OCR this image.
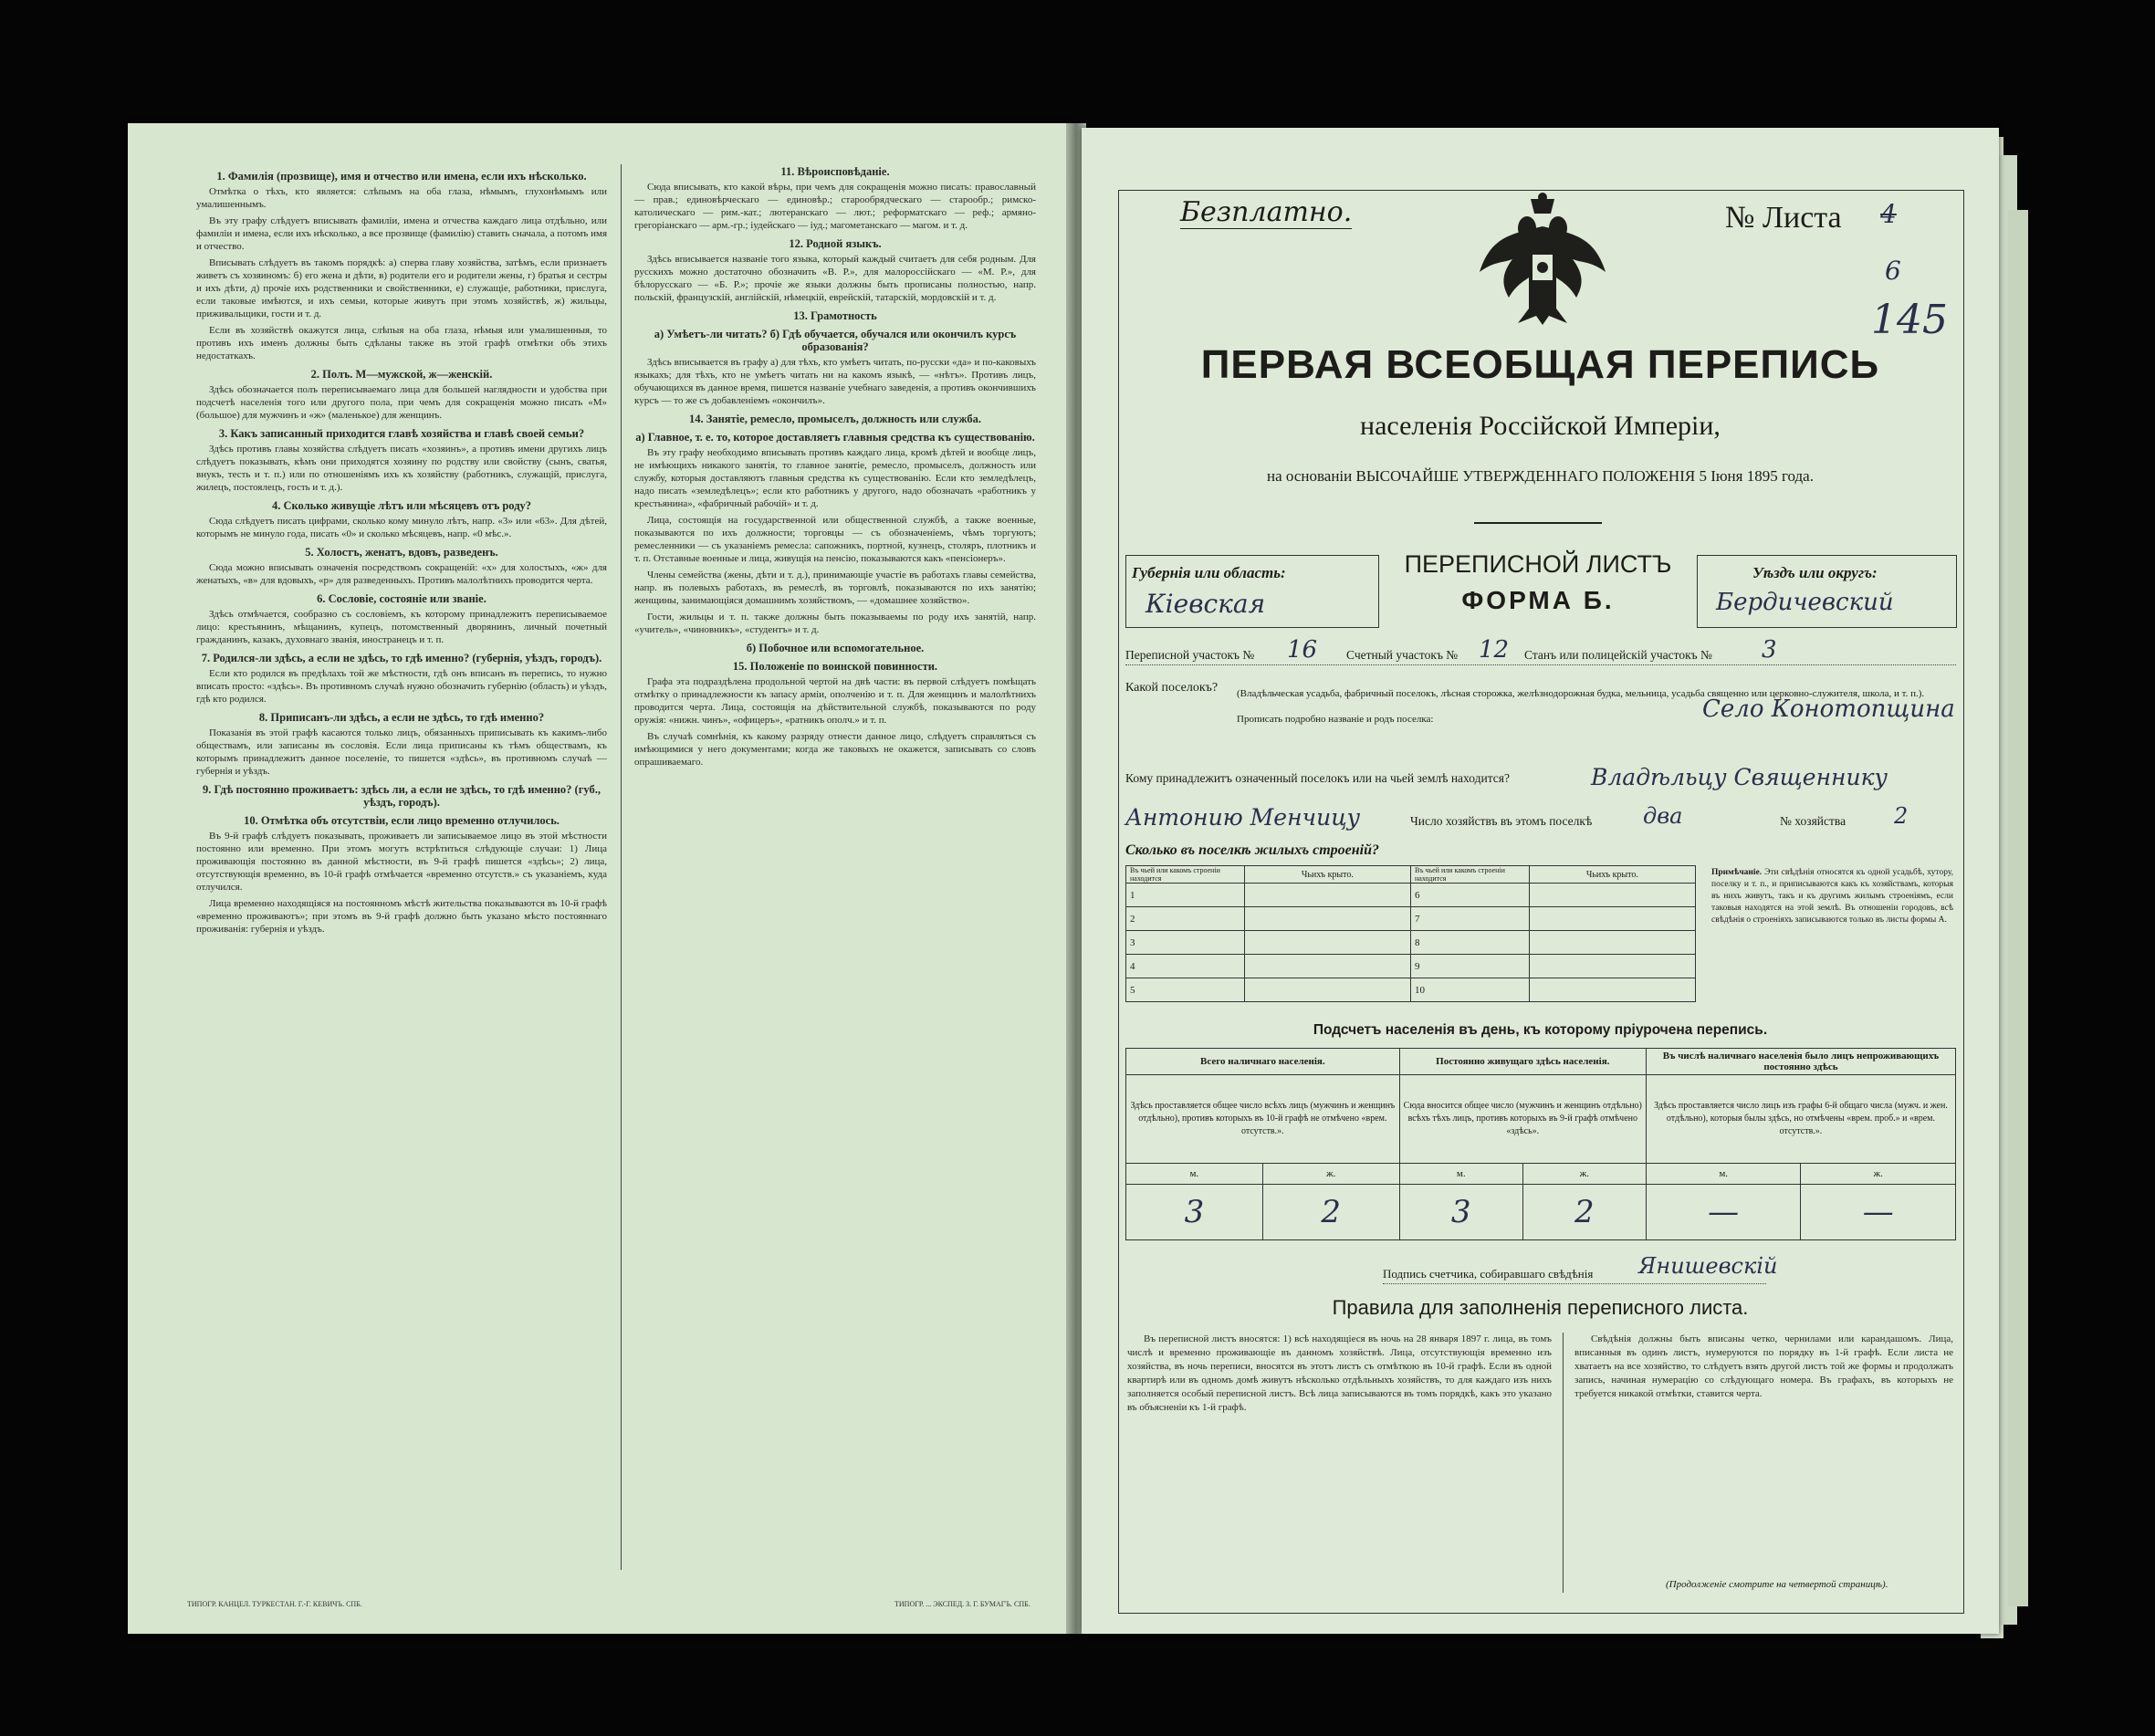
1. Фамилія (прозвище), имя и отчество или имена, если ихъ нѣсколько.

Отмѣтка о тѣхъ, кто является: слѣпымъ на оба глаза, нѣмымъ, глухонѣмымъ или умалишеннымъ.

Въ эту графу слѣдуетъ вписывать фамиліи, имена и отчества каждаго лица отдѣльно, или фамиліи и имена, если ихъ нѣсколько, а все прозвище (фамилію) ставить сначала, а потомъ имя и отчество.

Вписывать слѣдуетъ въ такомъ порядкѣ: а) сперва главу хозяйства, затѣмъ, если признаетъ живетъ съ хозяиномъ: б) его жена и дѣти, в) родители его и родители жены, г) братья и сестры и ихъ дѣти, д) прочіе ихъ родственники и свойственники, е) служащіе, работники, прислуга, если таковые имѣются, и ихъ семьи, которые живутъ при этомъ хозяйствѣ, ж) жильцы, приживальщики, гости и т. д.

Если въ хозяйствѣ окажутся лица, слѣпыя на оба глаза, нѣмыя или умалишенныя, то противъ ихъ именъ должны быть сдѣланы также въ этой графѣ отмѣтки объ этихъ недостаткахъ.

2. Полъ. М—мужской, ж—женскій.

Здѣсь обозначается полъ переписываемаго лица для большей наглядности и удобства при подсчетѣ населенія того или другого пола, при чемъ для сокращенія можно писать «М» (большое) для мужчинъ и «ж» (маленькое) для женщинъ.

3. Какъ записанный приходится главѣ хозяйства и главѣ своей семьи?

Здѣсь противъ главы хозяйства слѣдуетъ писать «хозяинъ», а противъ имени другихъ лицъ слѣдуетъ показывать, кѣмъ они приходятся хозяину по родству или свойству (сынъ, сватья, внукъ, тесть и т. п.) или по отношеніямъ ихъ къ хозяйству (работникъ, служащій, прислуга, жилецъ, постоялецъ, гость и т. д.).

4. Сколько живущіе лѣтъ или мѣсяцевъ отъ роду?

Сюда слѣдуетъ писать цифрами, сколько кому минуло лѣтъ, напр. «3» или «63». Для дѣтей, которымъ не минуло года, писать «0» и сколько мѣсяцевъ, напр. «0 мѣс.».

5. Холостъ, женатъ, вдовъ, разведенъ.

Сюда можно вписывать означенія посредствомъ сокращеній: «х» для холостыхъ, «ж» для женатыхъ, «в» для вдовыхъ, «р» для разведенныхъ. Противъ малолѣтнихъ проводится черта.

6. Сословіе, состояніе или званіе.

Здѣсь отмѣчается, сообразно съ сословіемъ, къ которому принадлежитъ переписываемое лицо: крестьянинъ, мѣщанинъ, купецъ, потомственный дворянинъ, личный почетный гражданинъ, казакъ, духовнаго званія, иностранецъ и т. п.

7. Родился-ли здѣсь, а если не здѣсь, то гдѣ именно? (губернія, уѣздъ, городъ).

Если кто родился въ предѣлахъ той же мѣстности, гдѣ онъ вписанъ въ перепись, то нужно вписать просто: «здѣсь». Въ противномъ случаѣ нужно обозначить губернію (область) и уѣздъ, гдѣ кто родился.

8. Приписанъ-ли здѣсь, а если не здѣсь, то гдѣ именно?

Показанія въ этой графѣ касаются только лицъ, обязанныхъ приписывать къ какимъ-либо обществамъ, или записаны въ сословія. Если лица приписаны къ тѣмъ обществамъ, къ которымъ принадлежитъ данное поселеніе, то пишется «здѣсь», въ противномъ случаѣ — губернія и уѣздъ.

9. Гдѣ постоянно проживаетъ: здѣсь ли, а если не здѣсь, то гдѣ именно? (губ., уѣздъ, городъ).
10. Отмѣтка объ отсутствіи, если лицо временно отлучилось.

Въ 9-й графѣ слѣдуетъ показывать, проживаетъ ли записываемое лицо въ этой мѣстности постоянно или временно. При этомъ могутъ встрѣтиться слѣдующіе случаи: 1) Лица проживающія постоянно въ данной мѣстности, въ 9-й графѣ пишется «здѣсь»; 2) лица, отсутствующія временно, въ 10-й графѣ отмѣчается «временно отсутств.» съ указаніемъ, куда отлучился.

Лица временно находящіяся на постоянномъ мѣстѣ жительства показываются въ 10-й графѣ «временно проживаютъ»; при этомъ въ 9-й графѣ должно быть указано мѣсто постояннаго проживанія: губернія и уѣздъ.

11. Вѣроисповѣданіе.

Сюда вписывать, кто какой вѣры, при чемъ для сокращенія можно писать: православный — прав.; единовѣрческаго — единовѣр.; старообрядческаго — старообр.; римско-католическаго — рим.-кат.; лютеранскаго — лют.; реформатскаго — реф.; армяно-грегоріанскаго — арм.-гр.; іудейскаго — іуд.; магометанскаго — магом. и т. д.

12. Родной языкъ.

Здѣсь вписывается названіе того языка, который каждый считаетъ для себя родным. Для русскихъ можно достаточно обозначить «В. Р.», для малороссійскаго — «М. Р.», для бѣлорусскаго — «Б. Р.»; прочіе же языки должны быть прописаны полностью, напр. польскій, французскій, англійскій, нѣмецкій, еврейскій, татарскій, мордовскій и т. д.

13. Грамотность
а) Умѣетъ-ли читать? б) Гдѣ обучается, обучался или окончилъ курсъ образованія?

Здѣсь вписывается въ графу а) для тѣхъ, кто умѣетъ читать, по-русски «да» и по-каковыхъ языкахъ; для тѣхъ, кто не умѣетъ читать ни на какомъ языкѣ, — «нѣтъ». Противъ лицъ, обучающихся въ данное время, пишется названіе учебнаго заведенія, а противъ окончившихъ курсъ — то же съ добавленіемъ «окончилъ».

14. Занятіе, ремесло, промыселъ, должность или служба.
а) Главное, т. е. то, которое доставляетъ главныя средства къ существованію.

Въ эту графу необходимо вписывать противъ каждаго лица, кромѣ дѣтей и вообще лицъ, не имѣющихъ никакого занятія, то главное занятіе, ремесло, промыселъ, должность или службу, которыя доставляютъ главныя средства къ существованію. Если кто земледѣлецъ, надо писать «земледѣлецъ»; если кто работникъ у другого, надо обозначать «работникъ у крестьянина», «фабричный рабочій» и т. д.

Лица, состоящія на государственной или общественной службѣ, а также военные, показываются по ихъ должности; торговцы — съ обозначеніемъ, чѣмъ торгуютъ; ремесленники — съ указаніемъ ремесла: сапожникъ, портной, кузнецъ, столяръ, плотникъ и т. п. Отставные военные и лица, живущія на пенсію, показываются какъ «пенсіонеръ».

Члены семейства (жены, дѣти и т. д.), принимающіе участіе въ работахъ главы семейства, напр. въ полевыхъ работахъ, въ ремеслѣ, въ торговлѣ, показываются по ихъ занятію; женщины, занимающіяся домашнимъ хозяйствомъ, — «домашнее хозяйство».

Гости, жильцы и т. п. также должны быть показываемы по роду ихъ занятій, напр. «учитель», «чиновникъ», «студентъ» и т. д.

б) Побочное или вспомогательное.
15. Положеніе по воинской повинности.

Графа эта подраздѣлена продольной чертой на двѣ части: въ первой слѣдуетъ помѣщать отмѣтку о принадлежности къ запасу арміи, ополченію и т. п. Для женщинъ и малолѣтнихъ проводится черта. Лица, состоящія на дѣйствительной службѣ, показываются по роду оружія: «нижн. чинъ», «офицеръ», «ратникъ ополч.» и т. п.

Въ случаѣ сомнѣнія, къ какому разряду отнести данное лицо, слѣдуетъ справляться съ имѣющимися у него документами; когда же таковыхъ не окажется, записывать со словъ опрашиваемаго.

ТИПОГР. КАНЦЕЛ. ТУРКЕСТАН. Г.-Г. КЕВИЧЪ. СПБ.	ТИПОГР. ... ЭКСПЕД. З. Г. БУМАГЪ. СПБ.
Безплатно.	№ Листа 4
6
145
ПЕРВАЯ ВСЕОБЩАЯ ПЕРЕПИСЬ
населенія Россійской Имперіи,
на основаніи ВЫСОЧАЙШЕ УТВЕРЖДЕННАГО ПОЛОЖЕНІЯ 5 Іюня 1895 года.
Губернія или область:
Кіевская
ПЕРЕПИСНОЙ ЛИСТЪ
ФОРМА Б.
Уѣздъ или округъ:
Бердичевский
Переписной участокъ № 16 Счетный участокъ № 12 Станъ или полицейскій участокъ № 3
Какой поселокъ? (Владѣльческая усадьба, фабричный поселокъ, лѣсная сторожка, желѣзнодорожная будка, мельница, усадьба священно или церковно-служителя, школа, и т. п.). Прописать подробно названіе и родъ поселка:	Село Конотопщина
Кому принадлежитъ означенный поселокъ или на чьей землѣ находится?	Владѣльцу Священнику Антонию Менчицу	Число хозяйствъ въ этомъ поселкѣ два	№ хозяйства 2
Сколько въ поселкѣ жилыхъ строеній?
Въ чьей или какомъ строеніи находится	Чьихъ крыто.	Въ чьей или какомъ строеніи находится	Чьихъ крыто.
1		6	
2		7	
3		8	
4		9	
5		10	
Примѣчаніе. Эти свѣдѣнія относятся къ одной усадьбѣ, хутору, поселку и т. п., и приписываются какъ къ хозяйствамъ, которыя въ нихъ живутъ, такъ и къ другимъ жилымъ строеніямъ, если таковыя находятся на этой землѣ. Въ отношеніи городовъ, всѣ свѣдѣнія о строеніяхъ записываются только въ листы формы А.
Подсчетъ населенія въ день, къ которому пріурочена перепись.
Всего наличнаго населенія.		Постоянно живущаго здѣсь населенія.		Въ числѣ наличнаго населенія было лицъ непроживающихъ постоянно здѣсь	
Здѣсь проставляется общее число всѣхъ лицъ (мужчинъ и женщинъ отдѣльно), противъ которыхъ въ 10-й графѣ не отмѣчено «врем. отсутств.».		Сюда вносится общее число (мужчинъ и женщинъ отдѣльно) всѣхъ тѣхъ лицъ, противъ которыхъ въ 9-й графѣ отмѣчено «здѣсь».		Здѣсь проставляется число лицъ изъ графы 6-й общаго числа (мужч. и жен. отдѣльно), которыя былы здѣсь, но отмѣчены «врем. проб.» и «врем. отсутств.».	
м.	ж.	м.	ж.	м.	ж.
3	2	3	2	—	—
Подпись счетчика, собиравшаго свѣдѣнія Янишевскій
Правила для заполненія переписного листа.
Въ переписной листъ вносятся: 1) всѣ находящіеся въ ночь на 28 января 1897 г. лица, въ томъ числѣ и временно проживающіе въ данномъ хозяйствѣ. Лица, отсутствующія временно изъ хозяйства, въ ночь переписи, вносятся въ этотъ листъ съ отмѣткою въ 10-й графѣ. Если въ одной квартирѣ или въ одномъ домѣ живутъ нѣсколько отдѣльныхъ хозяйствъ, то для каждаго изъ нихъ заполняется особый переписной листъ. Всѣ лица записываются въ томъ порядкѣ, какъ это указано въ объясненіи къ 1-й графѣ.
Свѣдѣнія должны быть вписаны четко, чернилами или карандашомъ. Лица, вписанныя въ одинъ листъ, нумеруются по порядку въ 1-й графѣ. Если листа не хватаетъ на все хозяйство, то слѣдуетъ взять другой листъ той же формы и продолжать запись, начиная нумерацію со слѣдующаго номера. Въ графахъ, въ которыхъ не требуется никакой отмѣтки, ставится черта.
(Продолженіе смотрите на четвертой страницѣ).
